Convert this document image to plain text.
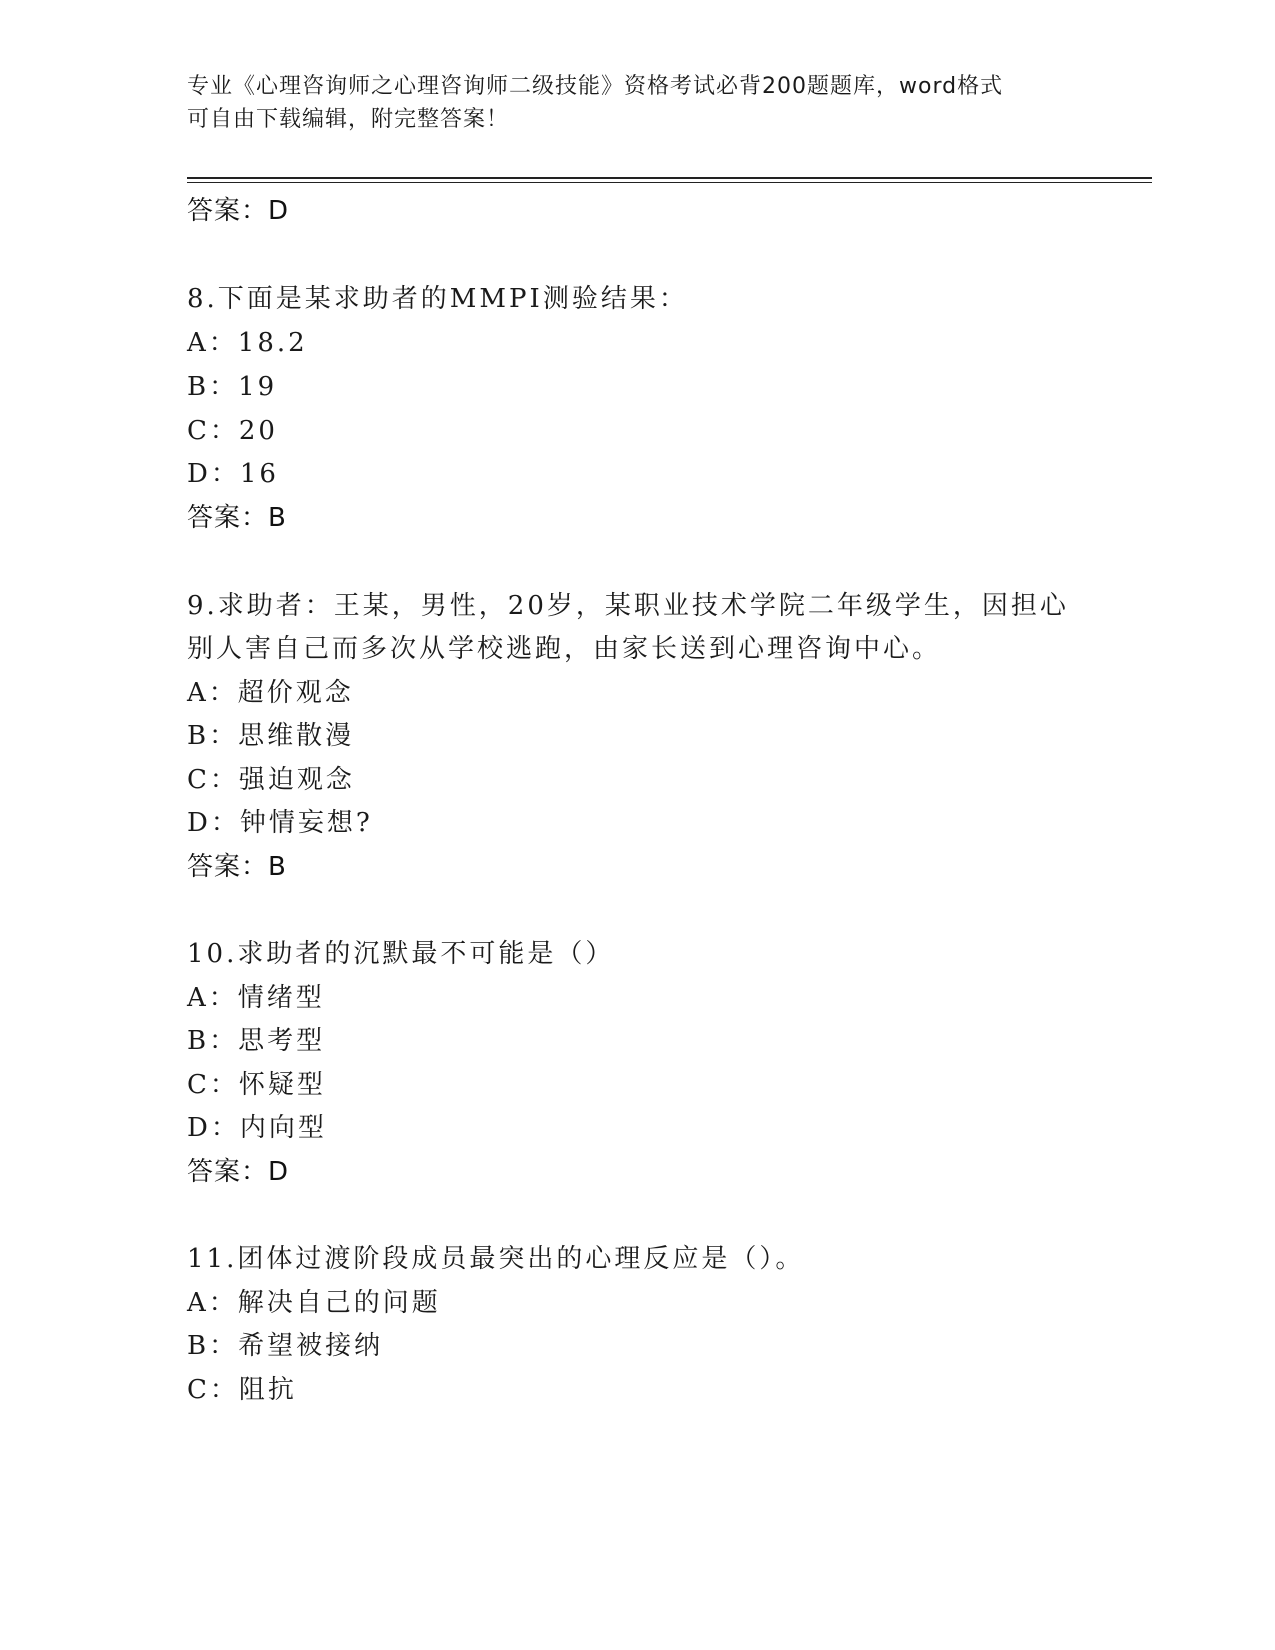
专业《心理咨询师之心理咨询师二级技能》资格考试必背200题题库，word格式
可自由下载编辑，附完整答案！
答案：D
8.下面是某求助者的MMPI测验结果：
A：18.2
B：19
C：20
D：16
答案：B
9.求助者：王某，男性，20岁，某职业技术学院二年级学生，因担心
别人害自己而多次从学校逃跑，由家长送到心理咨询中心。
A：超价观念
B：思维散漫
C：强迫观念
D：钟情妄想?
答案：B
10.求助者的沉默最不可能是（）
A：情绪型
B：思考型
C：怀疑型
D：内向型
答案：D
11.团体过渡阶段成员最突出的心理反应是（）。
A：解决自己的问题
B：希望被接纳
C：阻抗
